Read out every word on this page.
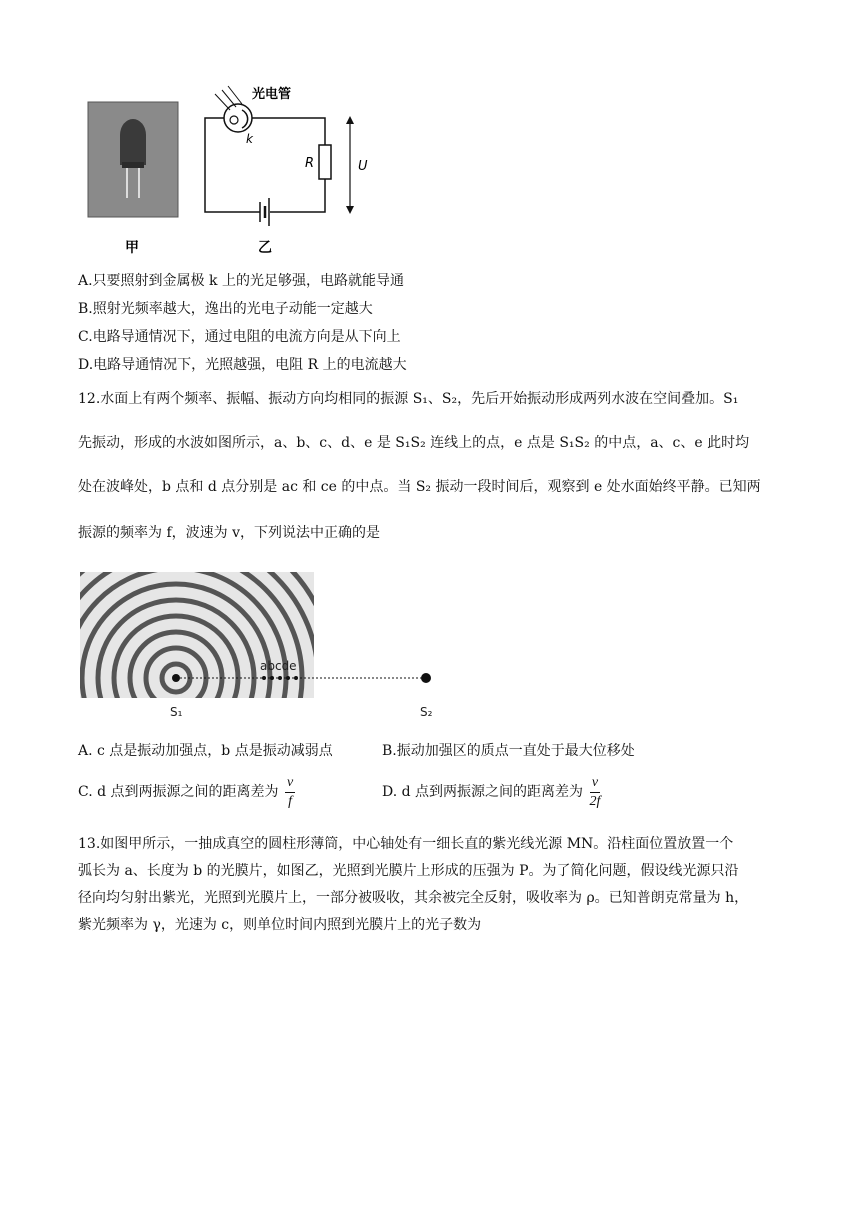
光电管
k
R	U
甲	乙
A.只要照射到金属极 k 上的光足够强，电路就能导通
B.照射光频率越大，逸出的光电子动能一定越大
C.电路导通情况下，通过电阻的电流方向是从下向上
D.电路导通情况下，光照越强，电阻 R 上的电流越大
12.水面上有两个频率、振幅、振动方向均相同的振源 S₁、S₂，先后开始振动形成两列水波在空间叠加。S₁
先振动，形成的水波如图所示，a、b、c、d、e 是 S₁S₂ 连线上的点，e 点是 S₁S₂ 的中点，a、c、e 此时均
处在波峰处，b 点和 d 点分别是 ac 和 ce 的中点。当 S₂ 振动一段时间后，观察到 e 处水面始终平静。已知两
振源的频率为 f，波速为 v，下列说法中正确的是
abcde
S₁	S₂
A. c 点是振动加强点，b 点是振动减弱点	B.振动加强区的质点一直处于最大位移处
C. d 点到两振源之间的距离差为 $\frac{v}{f}$	D. d 点到两振源之间的距离差为 $\frac{v}{2f}$
13.如图甲所示，一抽成真空的圆柱形薄筒，中心轴处有一细长直的紫光线光源 MN。沿柱面位置放置一个
弧长为 a、长度为 b 的光膜片，如图乙，光照到光膜片上形成的压强为 P。为了简化问题，假设线光源只沿
径向均匀射出紫光，光照到光膜片上，一部分被吸收，其余被完全反射，吸收率为 ρ。已知普朗克常量为 h，
紫光频率为 γ，光速为 c，则单位时间内照到光膜片上的光子数为
